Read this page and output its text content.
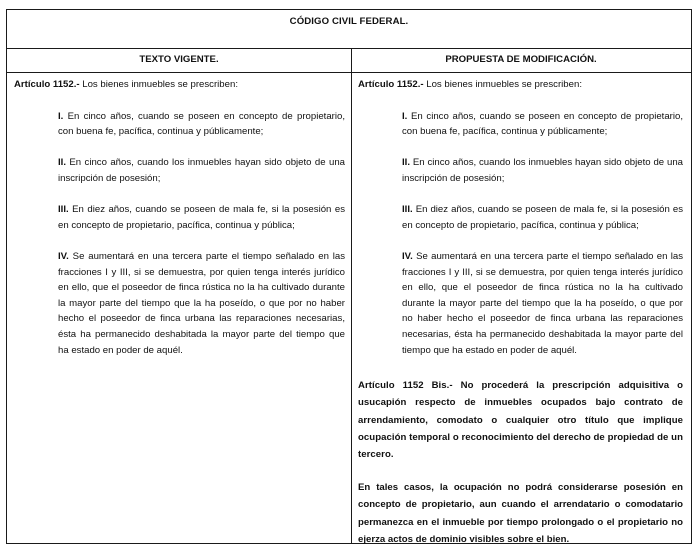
CÓDIGO CIVIL FEDERAL.
TEXTO VIGENTE.	PROPUESTA DE MODIFICACIÓN.

Artículo 1152.- Los bienes inmuebles se prescriben:

I. En cinco años, cuando se poseen en concepto de propietario, con buena fe, pacífica, continua y públicamente;

II. En cinco años, cuando los inmuebles hayan sido objeto de una inscripción de posesión;

III. En diez años, cuando se poseen de mala fe, si la posesión es en concepto de propietario, pacífica, continua y pública;

IV. Se aumentará en una tercera parte el tiempo señalado en las fracciones I y III, si se demuestra, por quien tenga interés jurídico en ello, que el poseedor de finca rústica no la ha cultivado durante la mayor parte del tiempo que la ha poseído, o que por no haber hecho el poseedor de finca urbana las reparaciones necesarias, ésta ha permanecido deshabitada la mayor parte del tiempo que ha estado en poder de aquél.

Artículo 1152.- Los bienes inmuebles se prescriben:

I. En cinco años, cuando se poseen en concepto de propietario, con buena fe, pacífica, continua y públicamente;

II. En cinco años, cuando los inmuebles hayan sido objeto de una inscripción de posesión;

III. En diez años, cuando se poseen de mala fe, si la posesión es en concepto de propietario, pacífica, continua y pública;

IV. Se aumentará en una tercera parte el tiempo señalado en las fracciones I y III, si se demuestra, por quien tenga interés jurídico en ello, que el poseedor de finca rústica no la ha cultivado durante la mayor parte del tiempo que la ha poseído, o que por no haber hecho el poseedor de finca urbana las reparaciones necesarias, ésta ha permanecido deshabitada la mayor parte del tiempo que ha estado en poder de aquél.

Artículo 1152 Bis.- No procederá la prescripción adquisitiva o usucapión respecto de inmuebles ocupados bajo contrato de arrendamiento, comodato o cualquier otro título que implique ocupación temporal o reconocimiento del derecho de propiedad de un tercero.

En tales casos, la ocupación no podrá considerarse posesión en concepto de propietario, aun cuando el arrendatario o comodatario permanezca en el inmueble por tiempo prolongado o el propietario no ejerza actos de dominio visibles sobre el bien.
